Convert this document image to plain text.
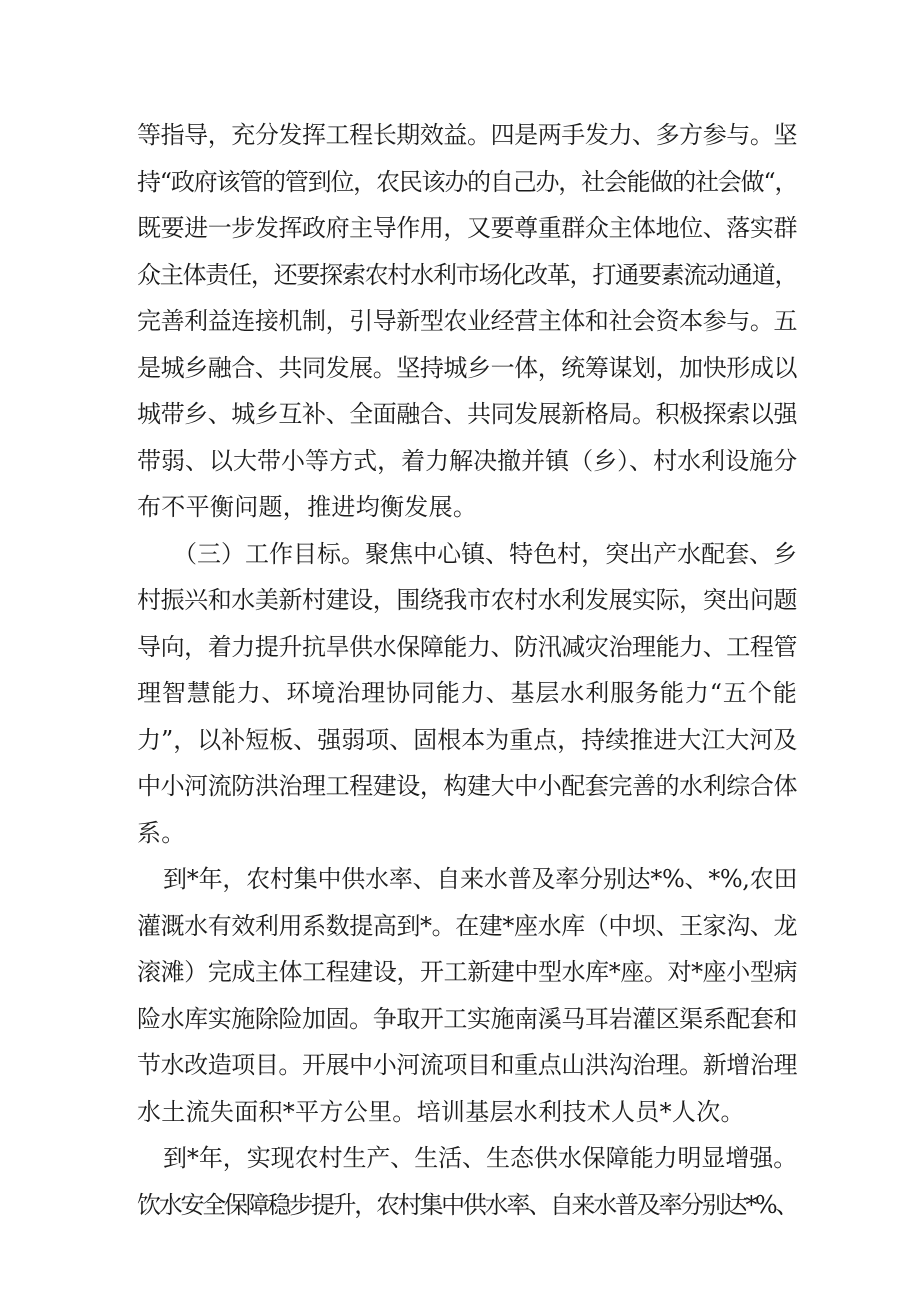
等指导，充分发挥工程长期效益。四是两手发力、多方参与。坚
持“政府该管的管到位，农民该办的自己办，社会能做的社会做“，
既要进一步发挥政府主导作用，又要尊重群众主体地位、落实群
众主体责任，还要探索农村水利市场化改革，打通要素流动通道，
完善利益连接机制，引导新型农业经营主体和社会资本参与。五
是城乡融合、共同发展。坚持城乡一体，统筹谋划，加快形成以
城带乡、城乡互补、全面融合、共同发展新格局。积极探索以强
带弱、以大带小等方式，着力解决撤并镇（乡）、村水利设施分
布不平衡问题，推进均衡发展。
（三）工作目标。聚焦中心镇、特色村，突出产水配套、乡
村振兴和水美新村建设，围绕我市农村水利发展实际，突出问题
导向，着力提升抗旱供水保障能力、防汛减灾治理能力、工程管
理智慧能力、环境治理协同能力、基层水利服务能力“五个能
力”，以补短板、强弱项、固根本为重点，持续推进大江大河及
中小河流防洪治理工程建设，构建大中小配套完善的水利综合体
系。
到*年，农村集中供水率、自来水普及率分别达*%、*%,农田
灌溉水有效利用系数提高到*。在建*座水库（中坝、王家沟、龙
滚滩）完成主体工程建设，开工新建中型水库*座。对*座小型病
险水库实施除险加固。争取开工实施南溪马耳岩灌区渠系配套和
节水改造项目。开展中小河流项目和重点山洪沟治理。新增治理
水土流失面积*平方公里。培训基层水利技术人员*人次。
到*年，实现农村生产、生活、生态供水保障能力明显增强。
饮水安全保障稳步提升，农村集中供水率、自来水普及率分别达*%、
